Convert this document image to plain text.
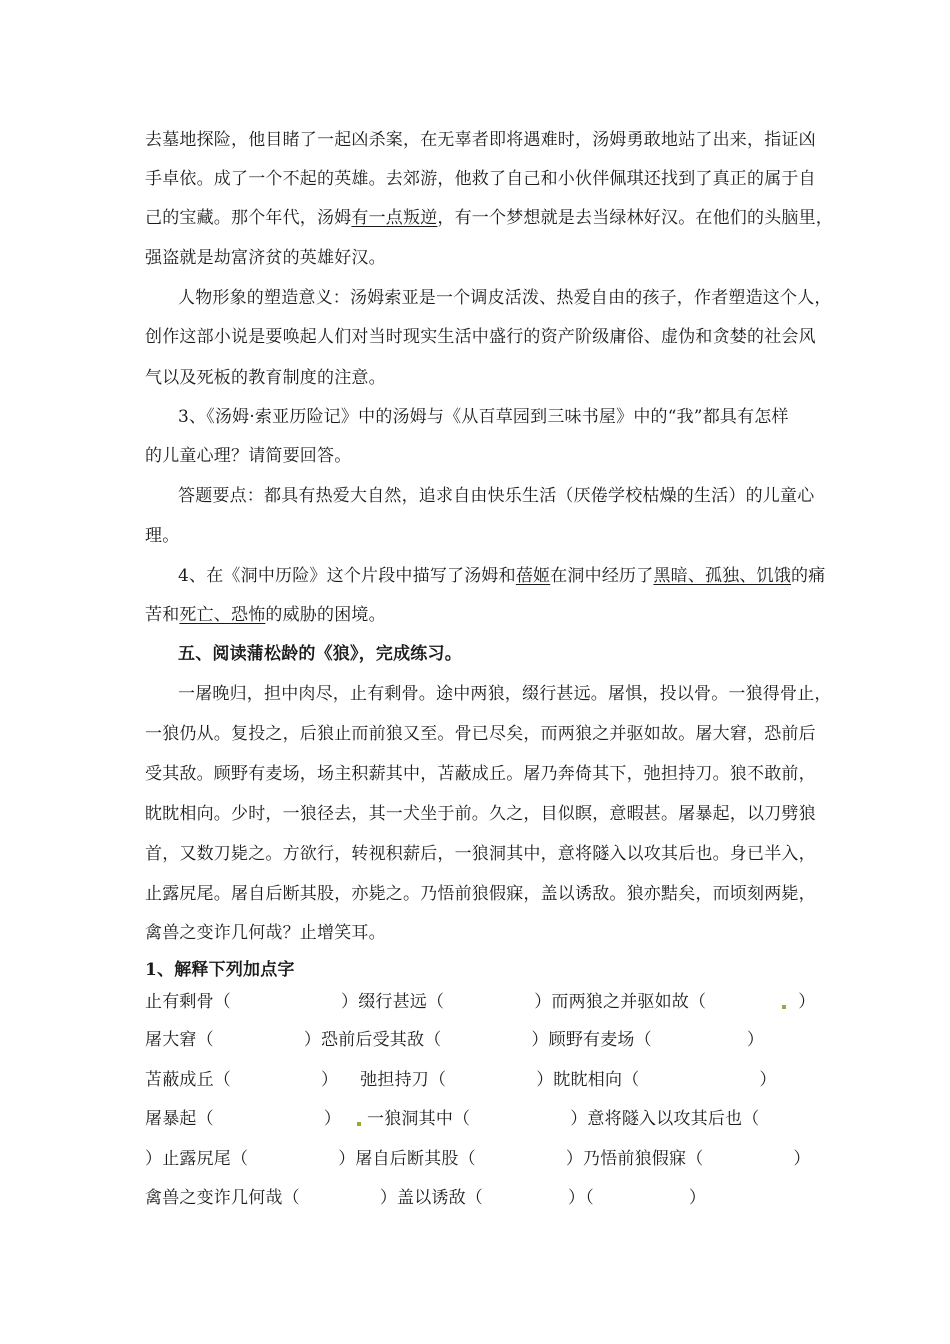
去墓地探险，他目睹了一起凶杀案，在无辜者即将遇难时，汤姆勇敢地站了出来，指证凶
手卓依。成了一个不起的英雄。去郊游，他救了自己和小伙伴佩琪还找到了真正的属于自
己的宝藏。那个年代，汤姆有一点叛逆，有一个梦想就是去当绿林好汉。在他们的头脑里，
强盗就是劫富济贫的英雄好汉。
人物形象的塑造意义：汤姆索亚是一个调皮活泼、热爱自由的孩子，作者塑造这个人，
创作这部小说是要唤起人们对当时现实生活中盛行的资产阶级庸俗、虚伪和贪婪的社会风
气以及死板的教育制度的注意。
3、《汤姆·索亚历险记》中的汤姆与《从百草园到三味书屋》中的“我”都具有怎样
的儿童心理？请简要回答。
答题要点：都具有热爱大自然，追求自由快乐生活（厌倦学校枯燥的生活）的儿童心
理。
4、在《洞中历险》这个片段中描写了汤姆和蓓姬在洞中经历了黑暗、孤独、饥饿的痛
苦和死亡、恐怖的威胁的困境。
五、阅读蒲松龄的《狼》，完成练习。
一屠晚归，担中肉尽，止有剩骨。途中两狼，缀行甚远。屠惧，投以骨。一狼得骨止，
一狼仍从。复投之，后狼止而前狼又至。骨已尽矣，而两狼之并驱如故。屠大窘，恐前后
受其敌。顾野有麦场，场主积薪其中，苫蔽成丘。屠乃奔倚其下，弛担持刀。狼不敢前，
眈眈相向。少时，一狼径去，其一犬坐于前。久之，目似瞑，意暇甚。屠暴起，以刀劈狼
首，又数刀毙之。方欲行，转视积薪后，一狼洞其中，意将隧入以攻其后也。身已半入，
止露尻尾。屠自后断其股，亦毙之。乃悟前狼假寐，盖以诱敌。狼亦黠矣，而顷刻两毙，
禽兽之变诈几何哉？止增笑耳。
1、解释下列加点字
止有剩骨（	）缀行甚远（	）而两狼之并驱如故（	）
屠大窘（	）恐前后受其敌（	）顾野有麦场（	）
苫蔽成丘（	） 弛担持刀（	）眈眈相向（	）
屠暴起（	） 一狼洞其中（	）意将隧入以攻其后也（
）止露尻尾（	）屠自后断其股（	）乃悟前狼假寐（	）
禽兽之变诈几何哉（	）盖以诱敌（	）（	）
